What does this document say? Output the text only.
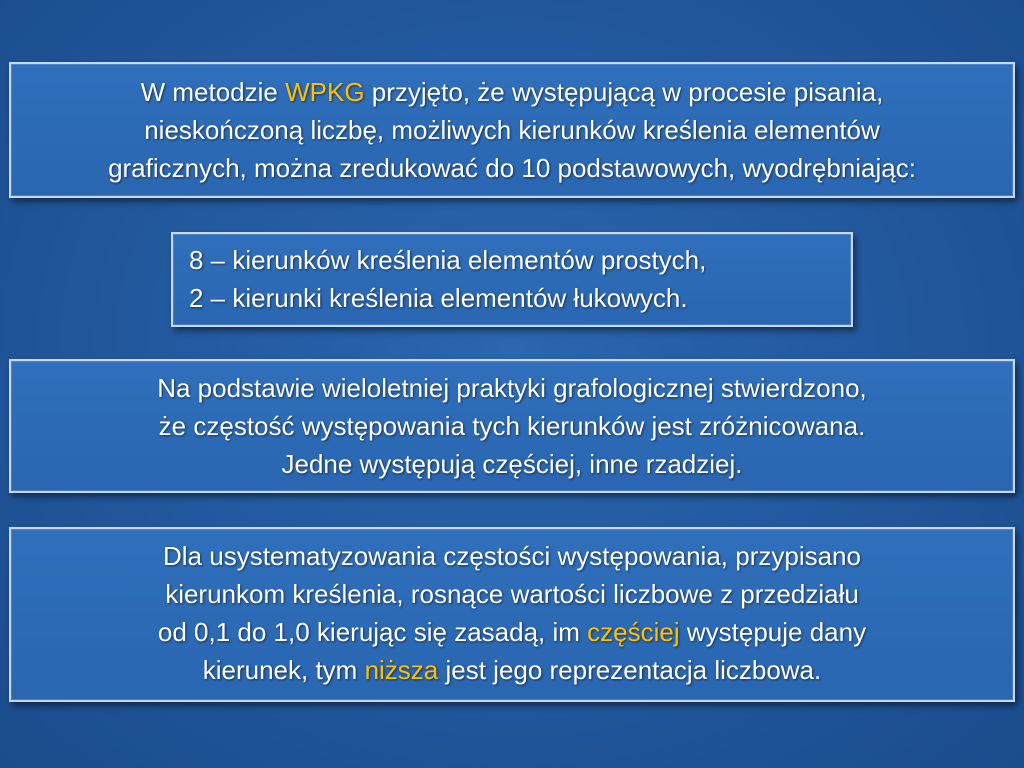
W metodzie WPKG przyjęto, że występującą w procesie pisania,
nieskończoną liczbę, możliwych kierunków kreślenia elementów
graficznych, można zredukować do 10 podstawowych, wyodrębniając:
8 – kierunków kreślenia elementów prostych,
2 – kierunki kreślenia elementów łukowych.
Na podstawie wieloletniej praktyki grafologicznej stwierdzono,
że częstość występowania tych kierunków jest zróżnicowana.
Jedne występują częściej, inne rzadziej.
Dla usystematyzowania częstości występowania, przypisano
kierunkom kreślenia, rosnące wartości liczbowe z przedziału
od 0,1 do 1,0 kierując się zasadą, im częściej występuje dany
kierunek, tym niższa jest jego reprezentacja liczbowa.
